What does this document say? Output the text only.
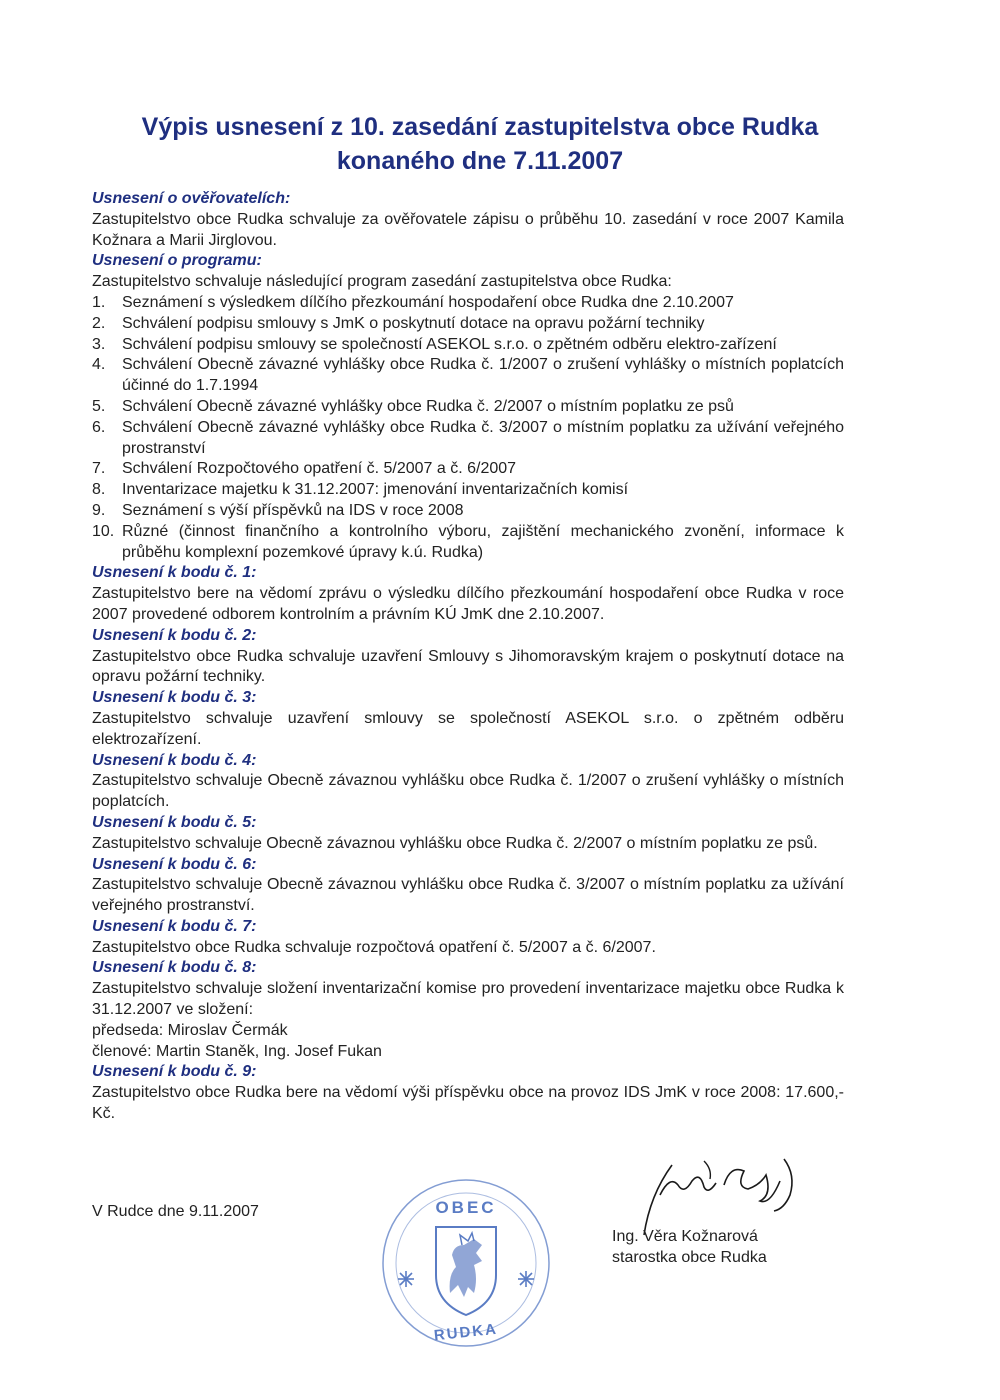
Výpis usnesení z 10. zasedání zastupitelstva obce Rudka
konaného dne 7.11.2007
Usnesení o ověřovatelích:
Zastupitelstvo obce Rudka schvaluje za ověřovatele zápisu o průběhu 10. zasedání v roce 2007 Kamila Kožnara a Marii Jirglovou.
Usnesení o programu:
Zastupitelstvo schvaluje následující program zasedání zastupitelstva obce Rudka:
1.	Seznámení s výsledkem dílčího přezkoumání hospodaření obce Rudka dne 2.10.2007
2.	Schválení podpisu smlouvy s JmK o poskytnutí dotace na opravu požární techniky
3.	Schválení podpisu smlouvy se společností ASEKOL s.r.o. o zpětném odběru elektro-zařízení
4.	Schválení Obecně závazné vyhlášky obce Rudka č. 1/2007 o zrušení vyhlášky o místních poplatcích účinné do 1.7.1994
5.	Schválení Obecně závazné vyhlášky obce Rudka č. 2/2007 o místním poplatku ze psů
6.	Schválení Obecně závazné vyhlášky obce Rudka č. 3/2007 o místním poplatku za užívání veřejného prostranství
7.	Schválení Rozpočtového opatření č. 5/2007 a č. 6/2007
8.	Inventarizace majetku k 31.12.2007: jmenování inventarizačních komisí
9.	Seznámení s výší příspěvků na IDS v roce 2008
10. Různé (činnost finančního a kontrolního výboru, zajištění mechanického zvonění, informace k průběhu komplexní pozemkové úpravy k.ú. Rudka)
Usnesení k bodu č. 1:
Zastupitelstvo bere na vědomí zprávu o výsledku dílčího přezkoumání hospodaření obce Rudka v roce 2007 provedené odborem kontrolním a právním KÚ JmK dne 2.10.2007.
Usnesení k bodu č. 2:
Zastupitelstvo obce Rudka schvaluje uzavření Smlouvy s Jihomoravským krajem o poskytnutí dotace na opravu požární techniky.
Usnesení k bodu č. 3:
Zastupitelstvo schvaluje uzavření smlouvy se společností ASEKOL s.r.o. o zpětném odběru elektrozařízení.
Usnesení k bodu č. 4:
Zastupitelstvo schvaluje Obecně závaznou vyhlášku obce Rudka č. 1/2007 o zrušení vyhlášky o místních poplatcích.
Usnesení k bodu č. 5:
Zastupitelstvo schvaluje Obecně závaznou vyhlášku obce Rudka č. 2/2007 o místním poplatku ze psů.
Usnesení k bodu č. 6:
Zastupitelstvo schvaluje Obecně závaznou vyhlášku obce Rudka č. 3/2007 o místním poplatku za užívání veřejného prostranství.
Usnesení k bodu č. 7:
Zastupitelstvo obce Rudka schvaluje rozpočtová opatření č. 5/2007 a č. 6/2007.
Usnesení k bodu č. 8:
Zastupitelstvo schvaluje složení inventarizační komise pro provedení inventarizace majetku obce Rudka k 31.12.2007 ve složení:
předseda: Miroslav Čermák
členové: Martin Staněk, Ing. Josef Fukan
Usnesení k bodu č. 9:
Zastupitelstvo obce Rudka bere na vědomí výši příspěvku obce na provoz IDS JmK v roce 2008: 17.600,- Kč.
V Rudce dne 9.11.2007	OBEC
RUDKA
Ing. Věra Kožnarová
starostka obce Rudka
